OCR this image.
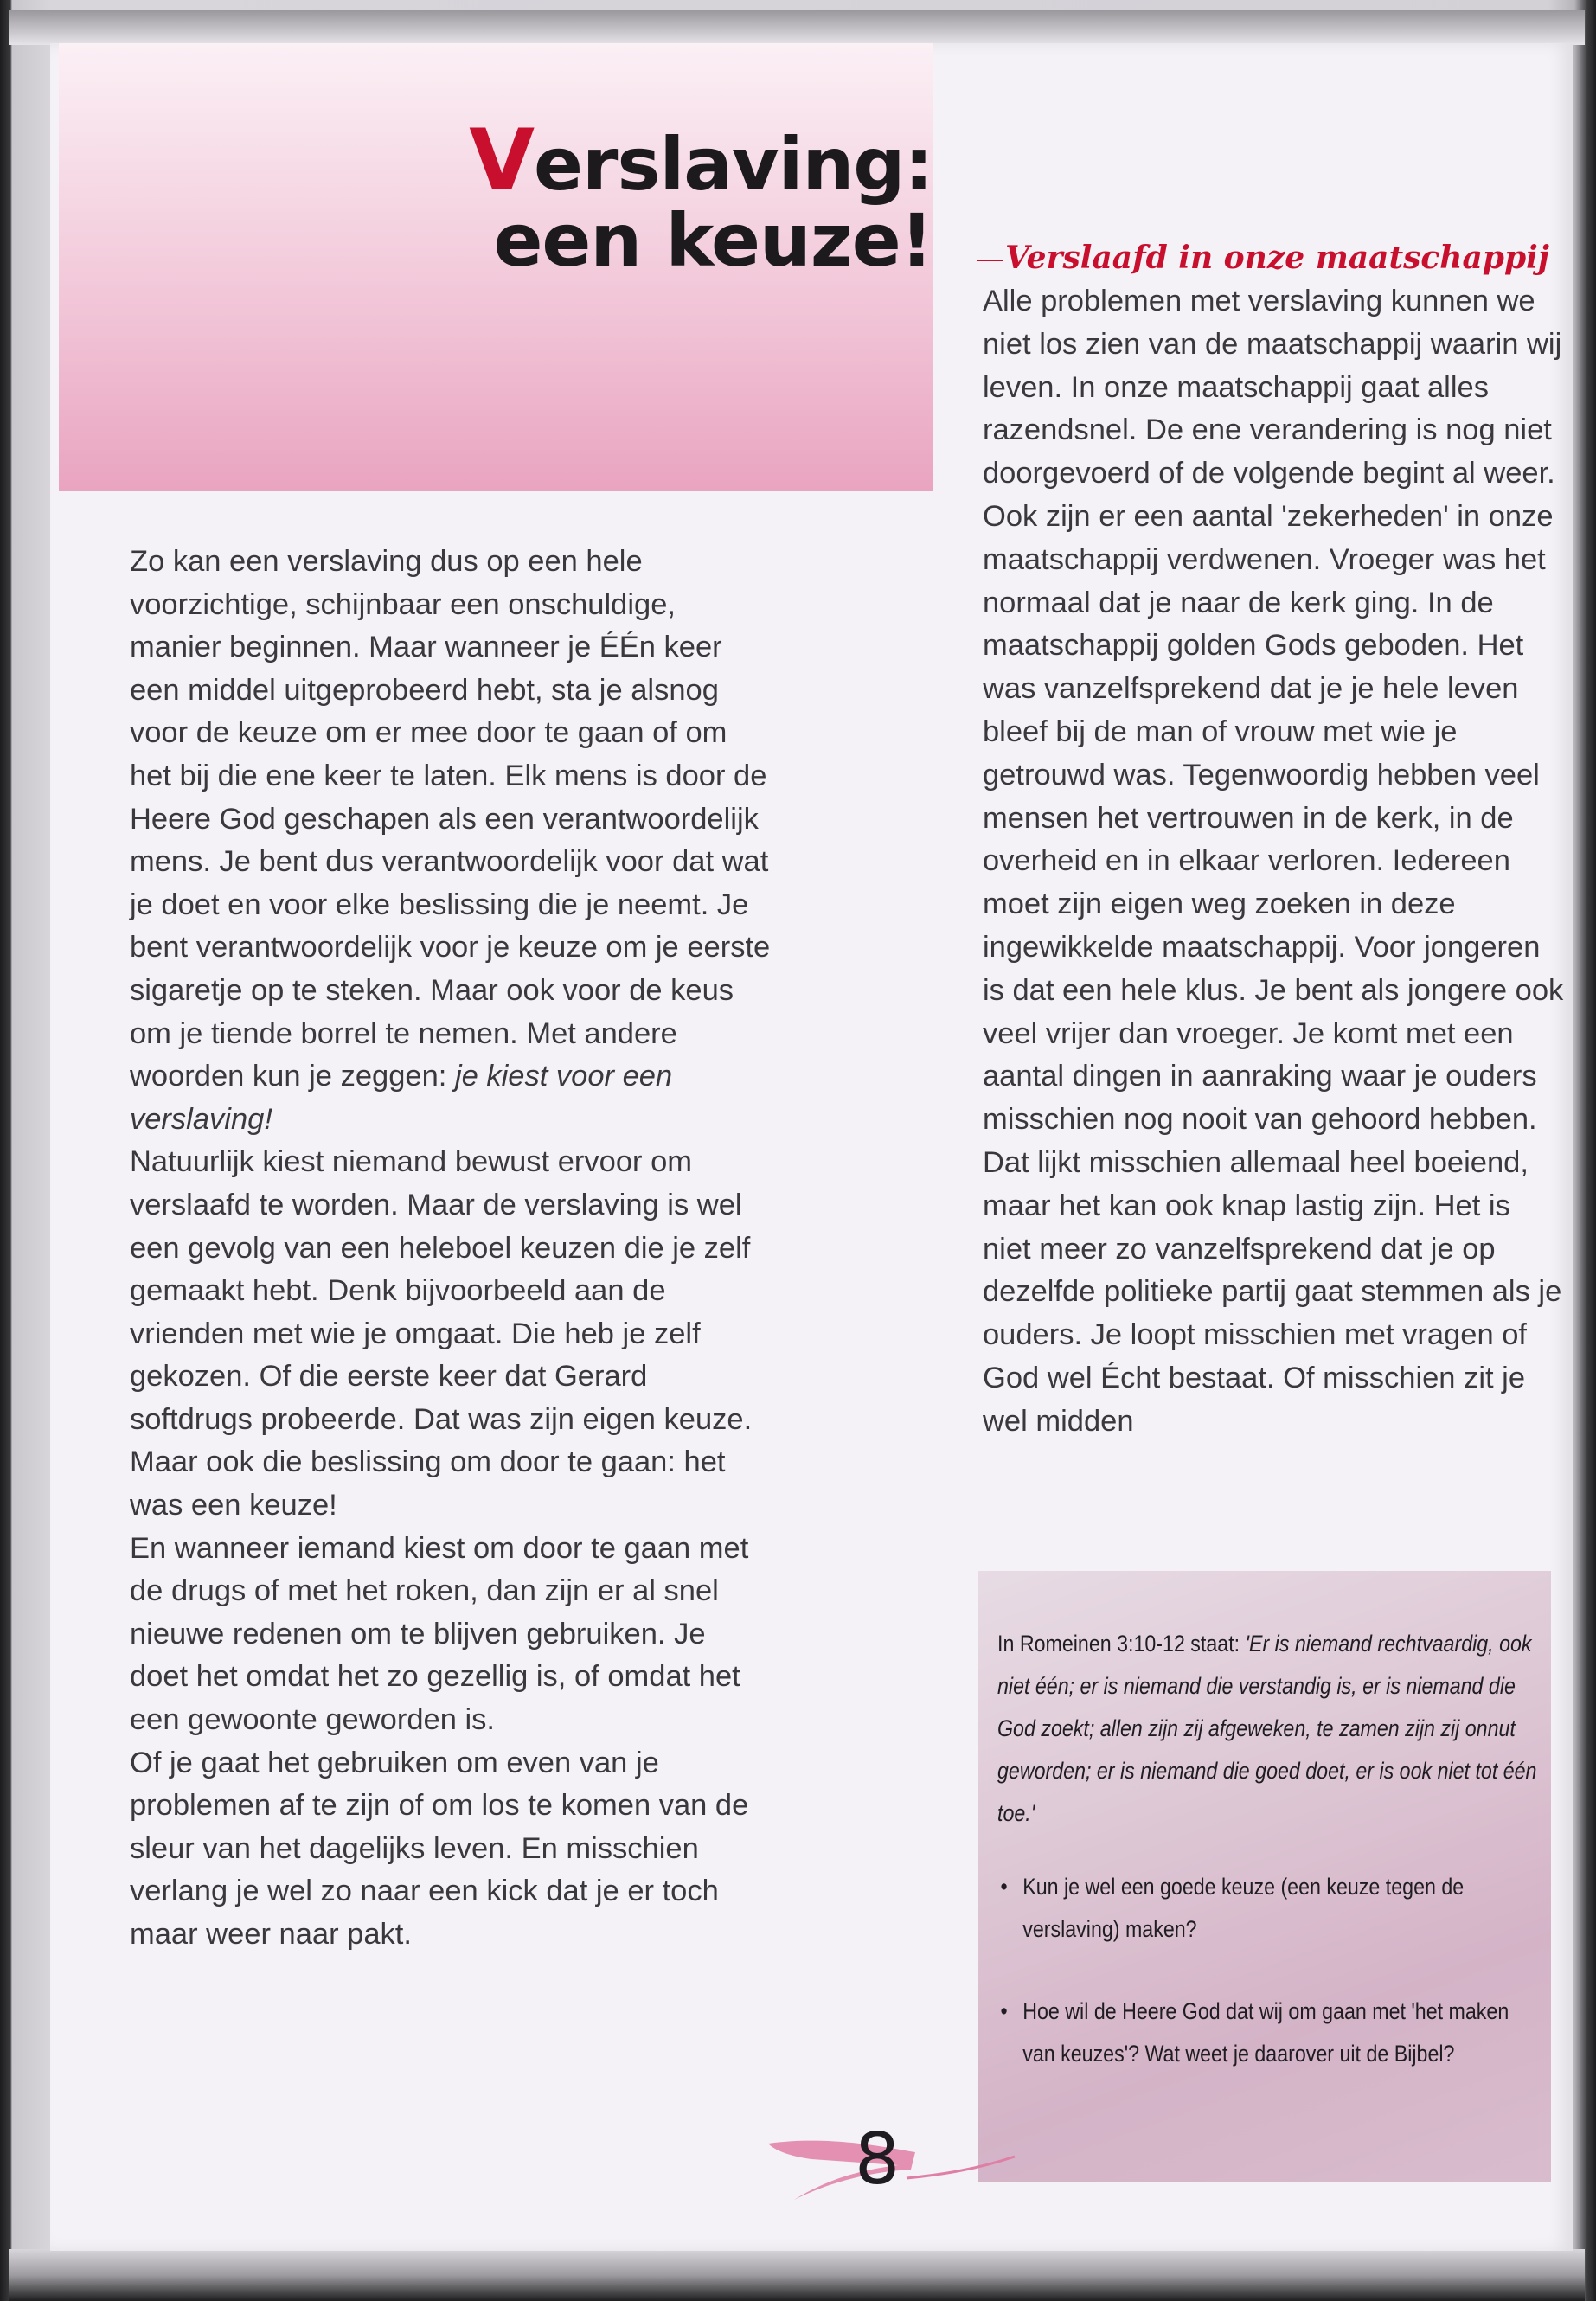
Verslaving:
een keuze!

Zo kan een verslaving dus op een hele voorzichtige, schijnbaar een onschuldige, manier beginnen. Maar wanneer je ÉÉn keer een middel uitgeprobeerd hebt, sta je alsnog voor de keuze om er mee door te gaan of om het bij die ene keer te laten. Elk mens is door de Heere God geschapen als een verantwoordelijk mens. Je bent dus verantwoordelijk voor dat wat je doet en voor elke beslissing die je neemt. Je bent verantwoordelijk voor je keuze om je eerste sigaretje op te steken. Maar ook voor de keus om je tiende borrel te nemen. Met andere woorden kun je zeggen: je kiest voor een verslaving!

Natuurlijk kiest niemand bewust ervoor om verslaafd te worden. Maar de verslaving is wel een gevolg van een heleboel keuzen die je zelf gemaakt hebt. Denk bijvoorbeeld aan de vrienden met wie je omgaat. Die heb je zelf gekozen. Of die eerste keer dat Gerard softdrugs probeerde. Dat was zijn eigen keuze. Maar ook die beslissing om door te gaan: het was een keuze!

En wanneer iemand kiest om door te gaan met de drugs of met het roken, dan zijn er al snel nieuwe redenen om te blijven gebruiken. Je doet het omdat het zo gezellig is, of omdat het een gewoonte geworden is.

Of je gaat het gebruiken om even van je problemen af te zijn of om los te komen van de sleur van het dagelijks leven. En misschien verlang je wel zo naar een kick dat je er toch maar weer naar pakt.

Verslaafd in onze maatschappij

Alle problemen met verslaving kunnen we niet los zien van de maatschappij waarin wij leven. In onze maatschappij gaat alles razendsnel. De ene verandering is nog niet doorgevoerd of de volgende begint al weer. Ook zijn er een aantal 'zekerheden' in onze maatschappij verdwenen. Vroeger was het normaal dat je naar de kerk ging. In de maatschappij golden Gods geboden. Het was vanzelfsprekend dat je je hele leven bleef bij de man of vrouw met wie je getrouwd was. Tegenwoordig hebben veel mensen het vertrouwen in de kerk, in de overheid en in elkaar verloren. Iedereen moet zijn eigen weg zoeken in deze ingewikkelde maatschappij. Voor jongeren is dat een hele klus. Je bent als jongere ook veel vrijer dan vroeger. Je komt met een aantal dingen in aanraking waar je ouders misschien nog nooit van gehoord hebben. Dat lijkt misschien allemaal heel boeiend, maar het kan ook knap lastig zijn. Het is niet meer zo vanzelfsprekend dat je op dezelfde politieke partij gaat stemmen als je ouders. Je loopt misschien met vragen of God wel Écht bestaat. Of misschien zit je wel midden

In Romeinen 3:10-12 staat: 'Er is niemand rechtvaardig, ook niet één; er is niemand die verstandig is, er is niemand die God zoekt; allen zijn zij afgeweken, te zamen zijn zij onnut geworden; er is niemand die goed doet, er is ook niet tot één toe.'
• Kun je wel een goede keuze (een keuze tegen de verslaving) maken?
• Hoe wil de Heere God dat wij om gaan met 'het maken van keuzes'? Wat weet je daarover uit de Bijbel?
8
